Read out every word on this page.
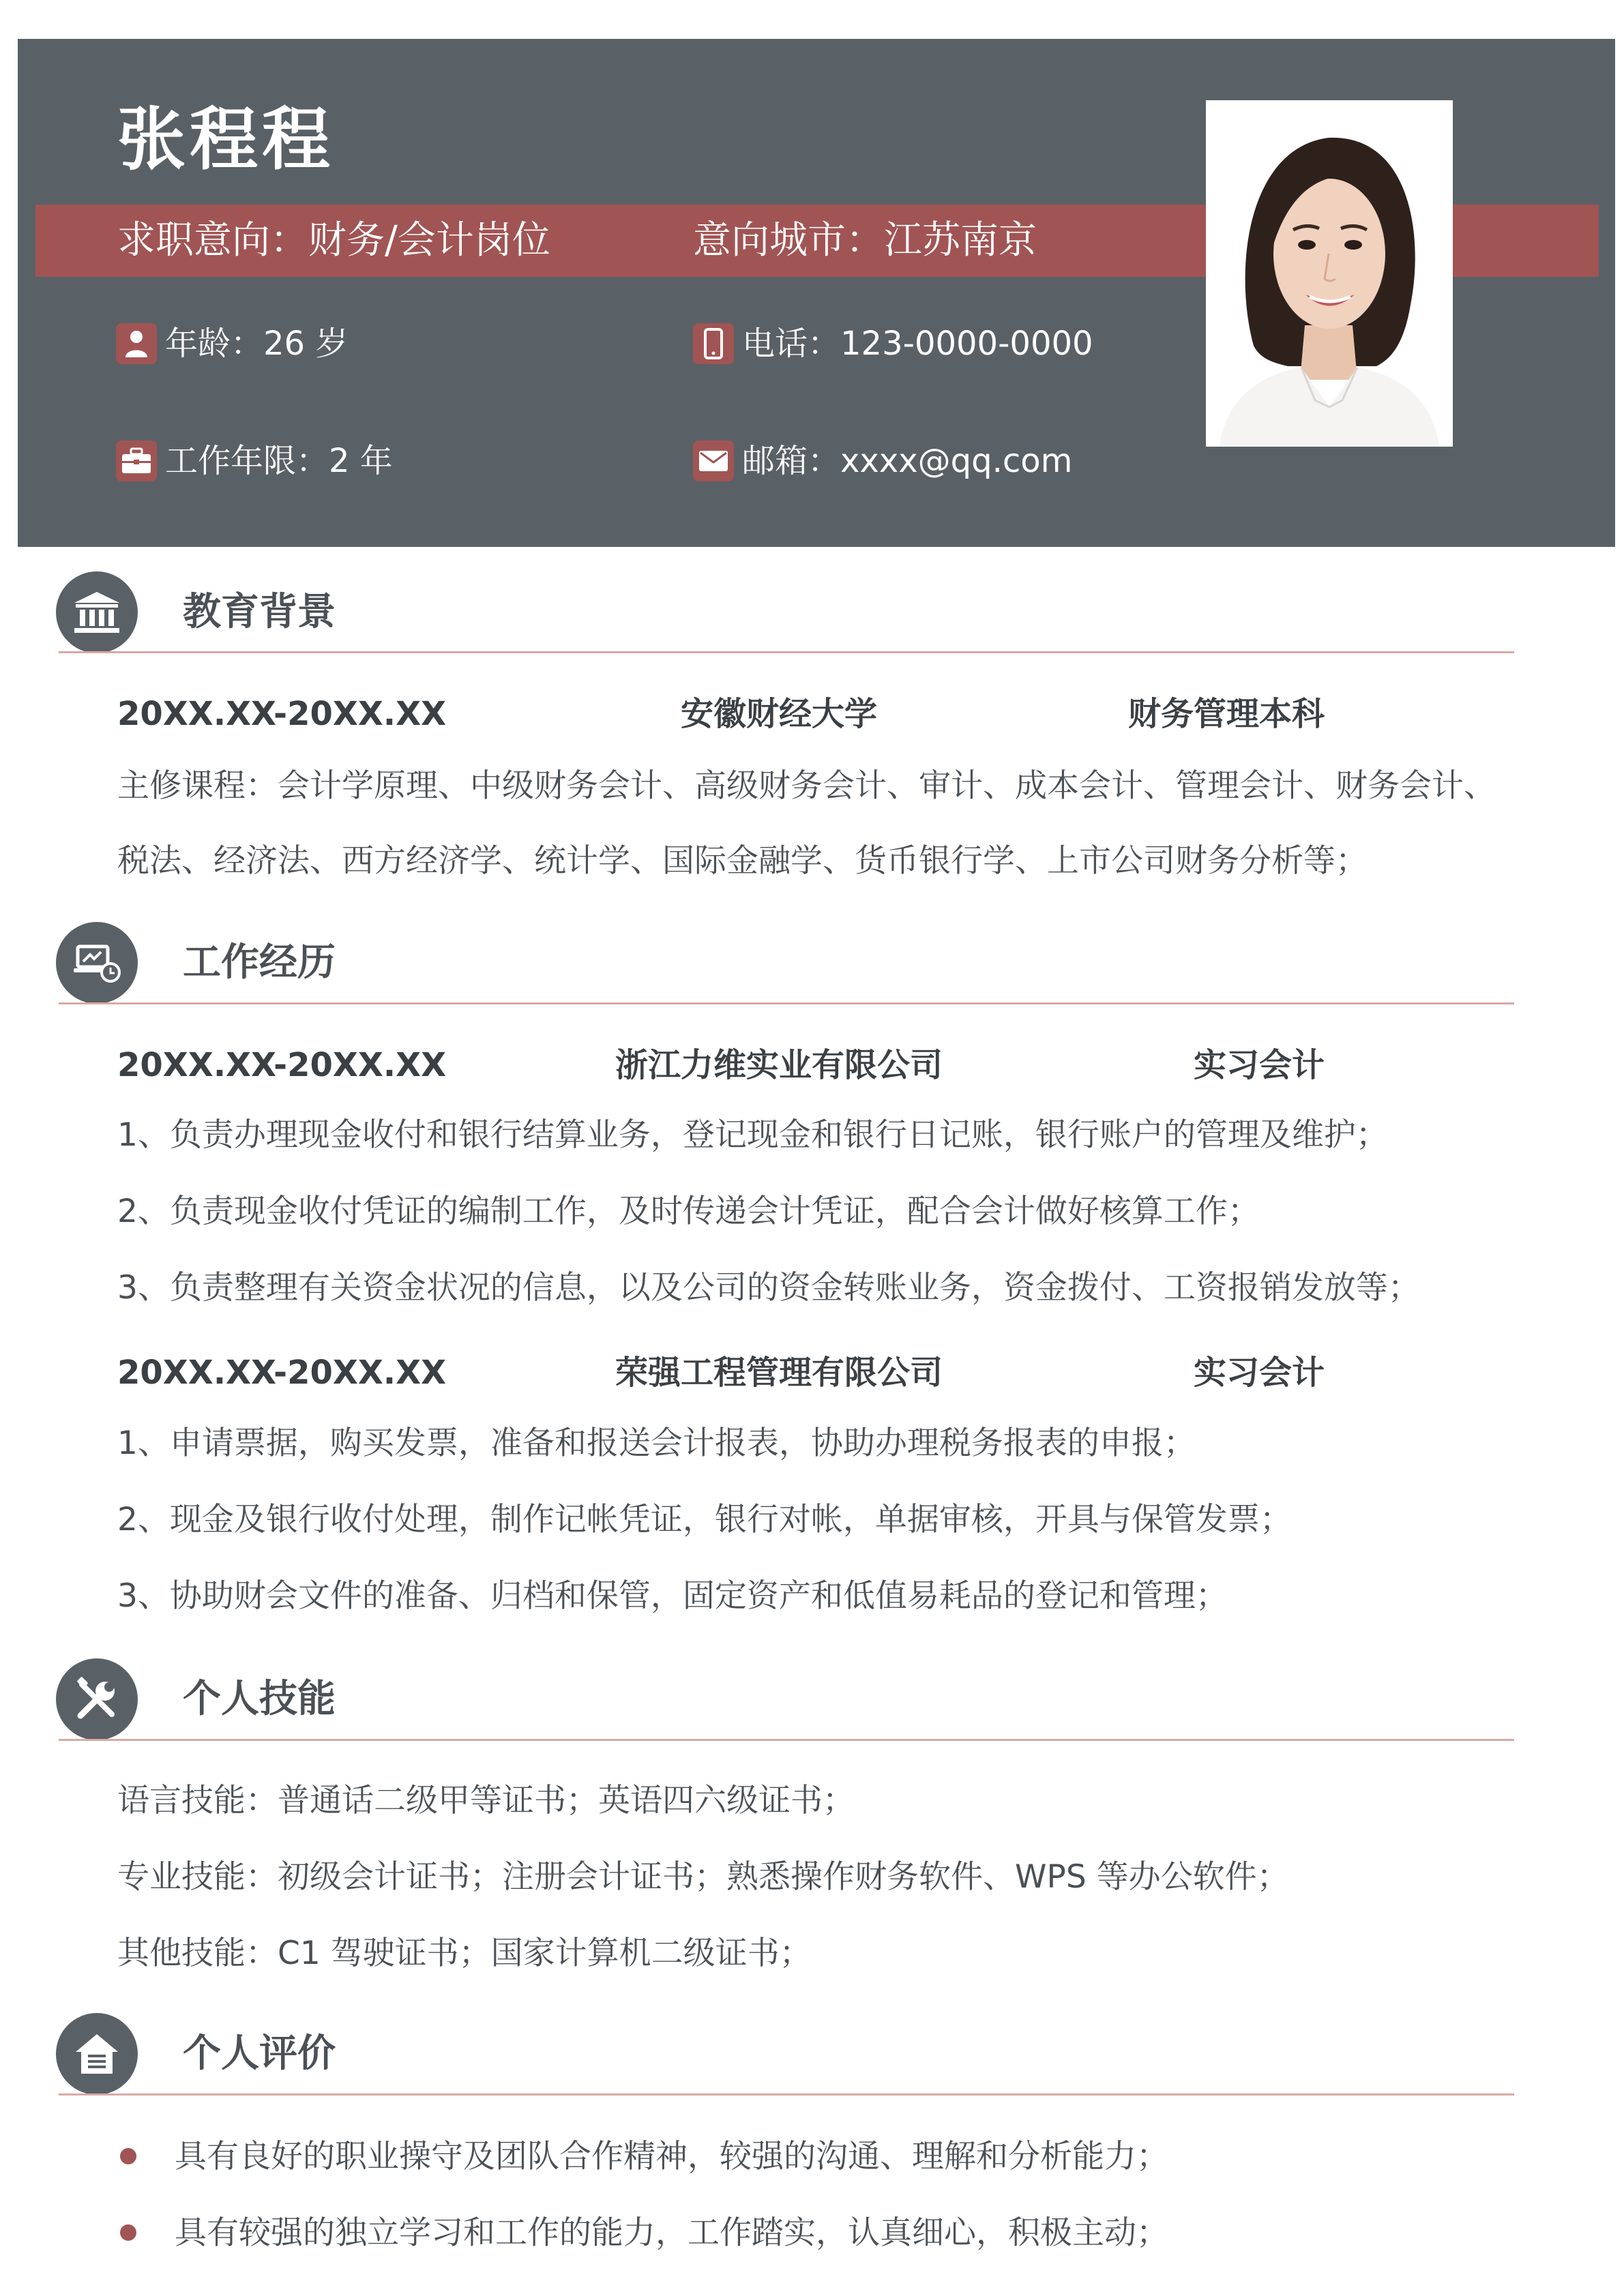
张程程
求职意向：财务/会计岗位	意向城市：江苏南京
年龄：26 岁	电话：123-0000-0000
工作年限：2 年	邮箱：xxxx@qq.com
教育背景
20XX.XX-20XX.XX	安徽财经大学	财务管理本科
主修课程：会计学原理、中级财务会计、高级财务会计、审计、成本会计、管理会计、财务会计、
税法、经济法、西方经济学、统计学、国际金融学、货币银行学、上市公司财务分析等；
工作经历
20XX.XX-20XX.XX	浙江力维实业有限公司	实习会计
1、负责办理现金收付和银行结算业务，登记现金和银行日记账，银行账户的管理及维护；
2、负责现金收付凭证的编制工作，及时传递会计凭证，配合会计做好核算工作；
3、负责整理有关资金状况的信息，以及公司的资金转账业务，资金拨付、工资报销发放等；
20XX.XX-20XX.XX	荣强工程管理有限公司	实习会计
1、申请票据，购买发票，准备和报送会计报表，协助办理税务报表的申报；
2、现金及银行收付处理，制作记帐凭证，银行对帐，单据审核，开具与保管发票；
3、协助财会文件的准备、归档和保管，固定资产和低值易耗品的登记和管理；
个人技能
语言技能：普通话二级甲等证书；英语四六级证书；
专业技能：初级会计证书；注册会计证书；熟悉操作财务软件、WPS 等办公软件；
其他技能：C1 驾驶证书；国家计算机二级证书；
个人评价
具有良好的职业操守及团队合作精神，较强的沟通、理解和分析能力；
具有较强的独立学习和工作的能力，工作踏实，认真细心，积极主动；
